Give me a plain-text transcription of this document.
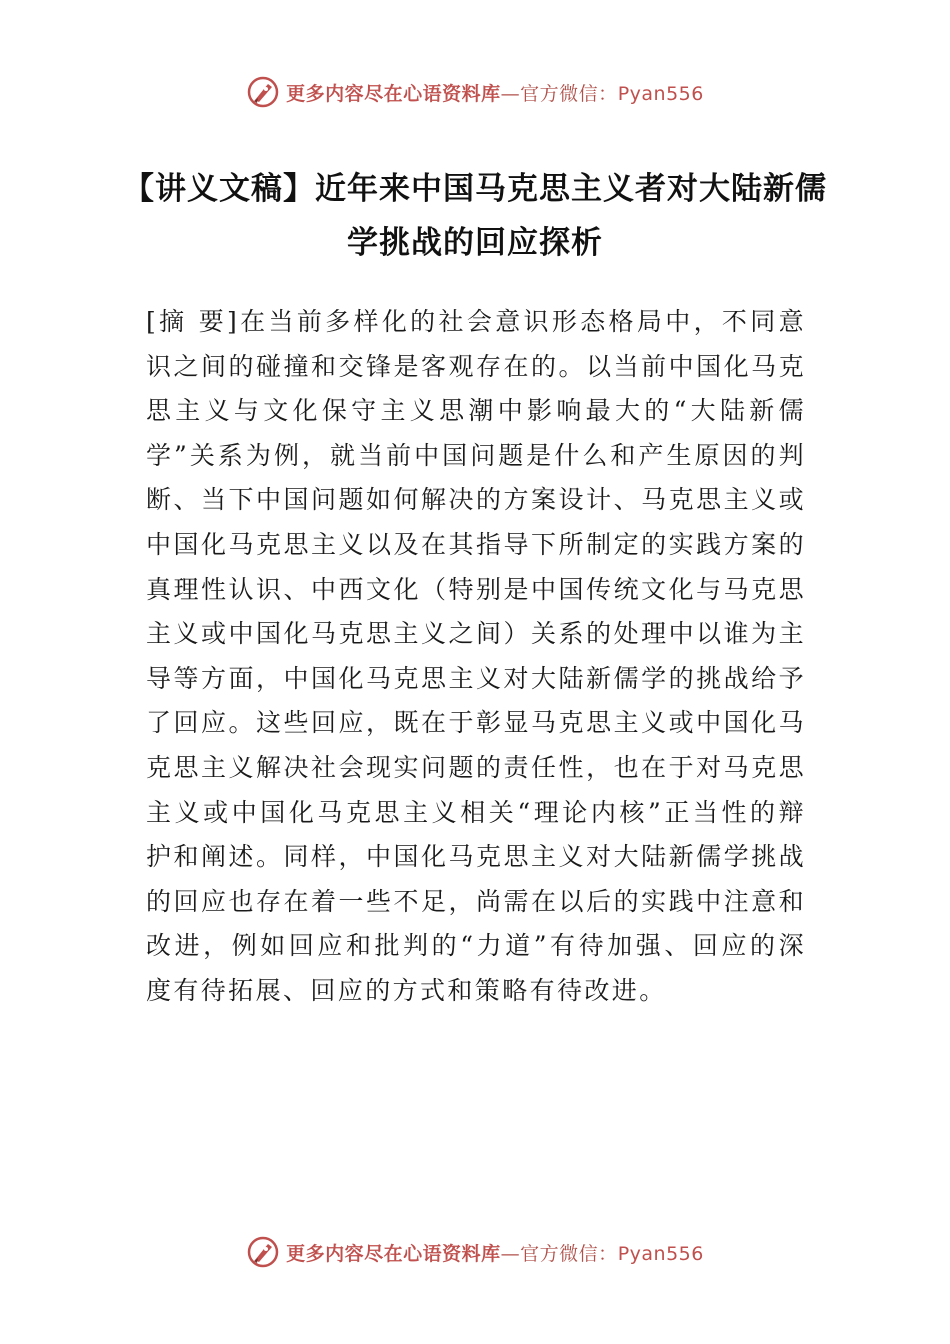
更多内容尽在心语资料库—官方微信：Pyan556
【讲义文稿】近年来中国马克思主义者对大陆新儒学挑战的回应探析
[摘 要]在当前多样化的社会意识形态格局中，不同意识之间的碰撞和交锋是客观存在的。以当前中国化马克思主义与文化保守主义思潮中影响最大的“大陆新儒学”关系为例，就当前中国问题是什么和产生原因的判断、当下中国问题如何解决的方案设计、马克思主义或中国化马克思主义以及在其指导下所制定的实践方案的真理性认识、中西文化（特别是中国传统文化与马克思主义或中国化马克思主义之间）关系的处理中以谁为主导等方面，中国化马克思主义对大陆新儒学的挑战给予了回应。这些回应，既在于彰显马克思主义或中国化马克思主义解决社会现实问题的责任性，也在于对马克思主义或中国化马克思主义相关“理论内核”正当性的辩护和阐述。同样，中国化马克思主义对大陆新儒学挑战的回应也存在着一些不足，尚需在以后的实践中注意和改进，例如回应和批判的“力道”有待加强、回应的深度有待拓展、回应的方式和策略有待改进。
更多内容尽在心语资料库—官方微信：Pyan556
